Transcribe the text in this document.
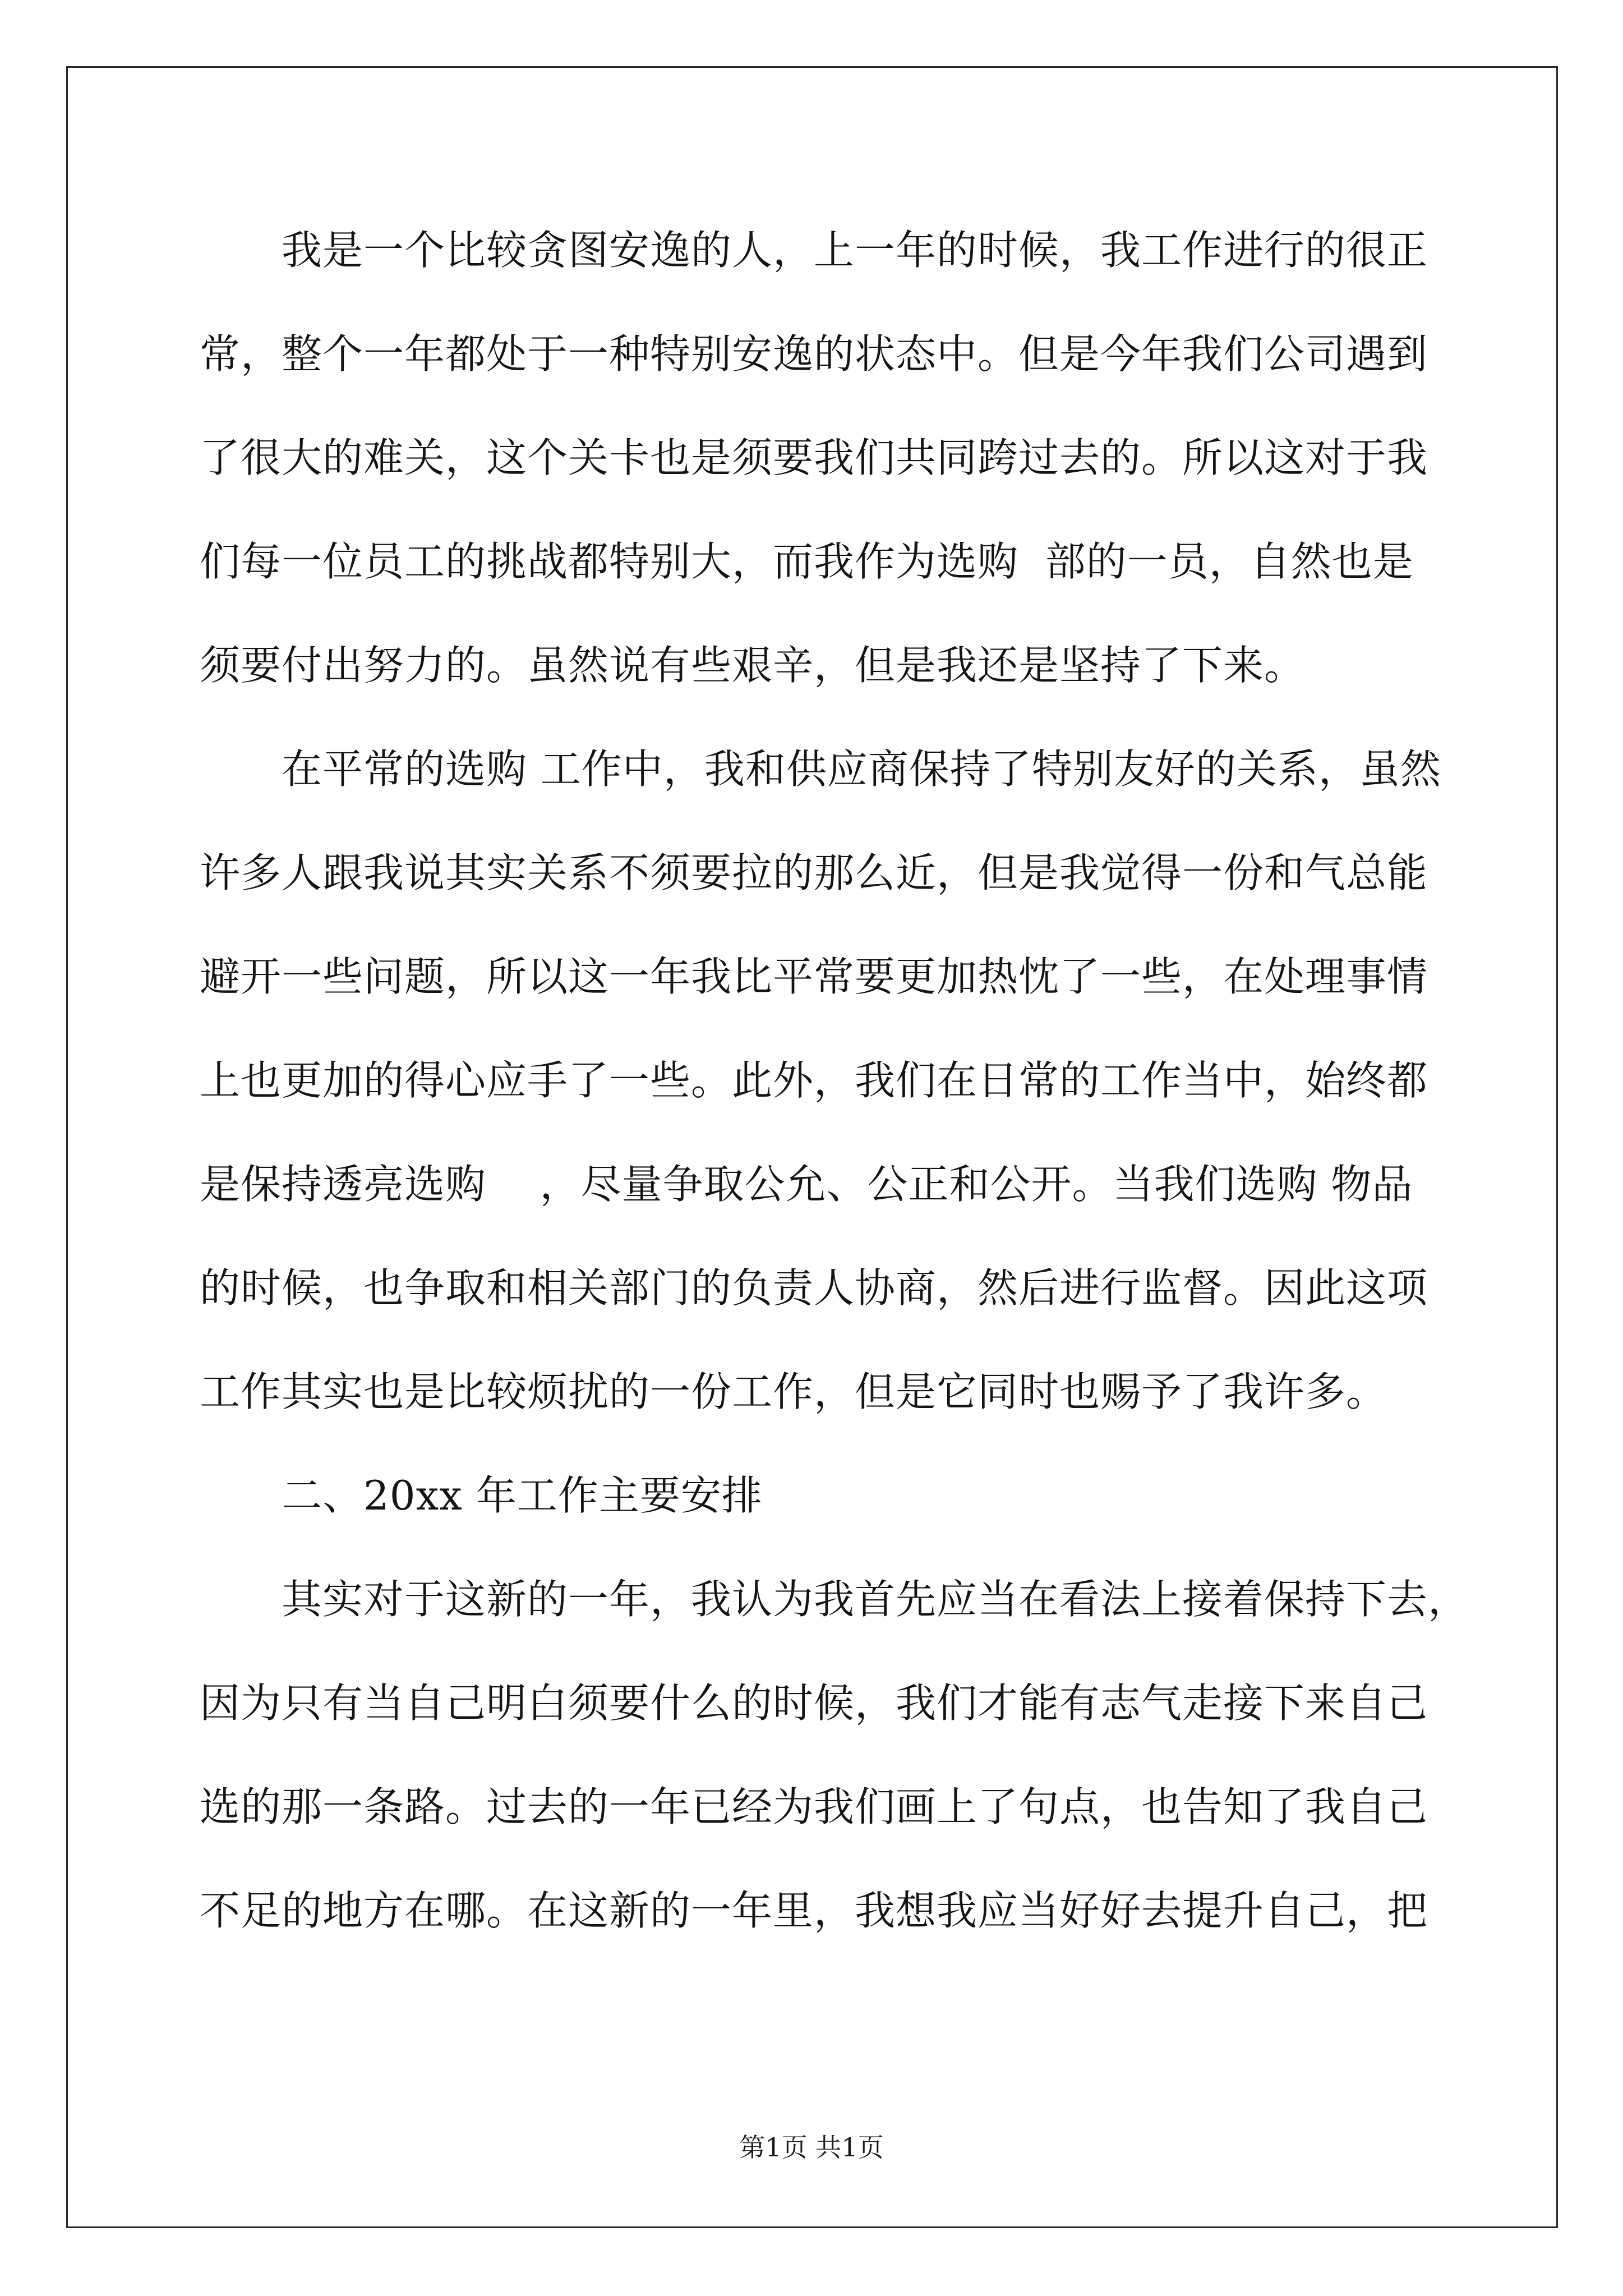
我是一个比较贪图安逸的人，上一年的时候，我工作进行的很正
常，整个一年都处于一种特别安逸的状态中。但是今年我们公司遇到
了很大的难关，这个关卡也是须要我们共同跨过去的。所以这对于我
们每一位员工的挑战都特别大，而我作为选购  部的一员，自然也是
须要付出努力的。虽然说有些艰辛，但是我还是坚持了下来。
在平常的选购 工作中，我和供应商保持了特别友好的关系，虽然
许多人跟我说其实关系不须要拉的那么近，但是我觉得一份和气总能
避开一些问题，所以这一年我比平常要更加热忱了一些，在处理事情
上也更加的得心应手了一些。此外，我们在日常的工作当中，始终都
是保持透亮选购    ，尽量争取公允、公正和公开。当我们选购 物品
的时候，也争取和相关部门的负责人协商，然后进行监督。因此这项
工作其实也是比较烦扰的一份工作，但是它同时也赐予了我许多。
二、20xx 年工作主要安排
其实对于这新的一年，我认为我首先应当在看法上接着保持下去，
因为只有当自己明白须要什么的时候，我们才能有志气走接下来自己
选的那一条路。过去的一年已经为我们画上了句点，也告知了我自己
不足的地方在哪。在这新的一年里，我想我应当好好去提升自己，把
第1页 共1页
